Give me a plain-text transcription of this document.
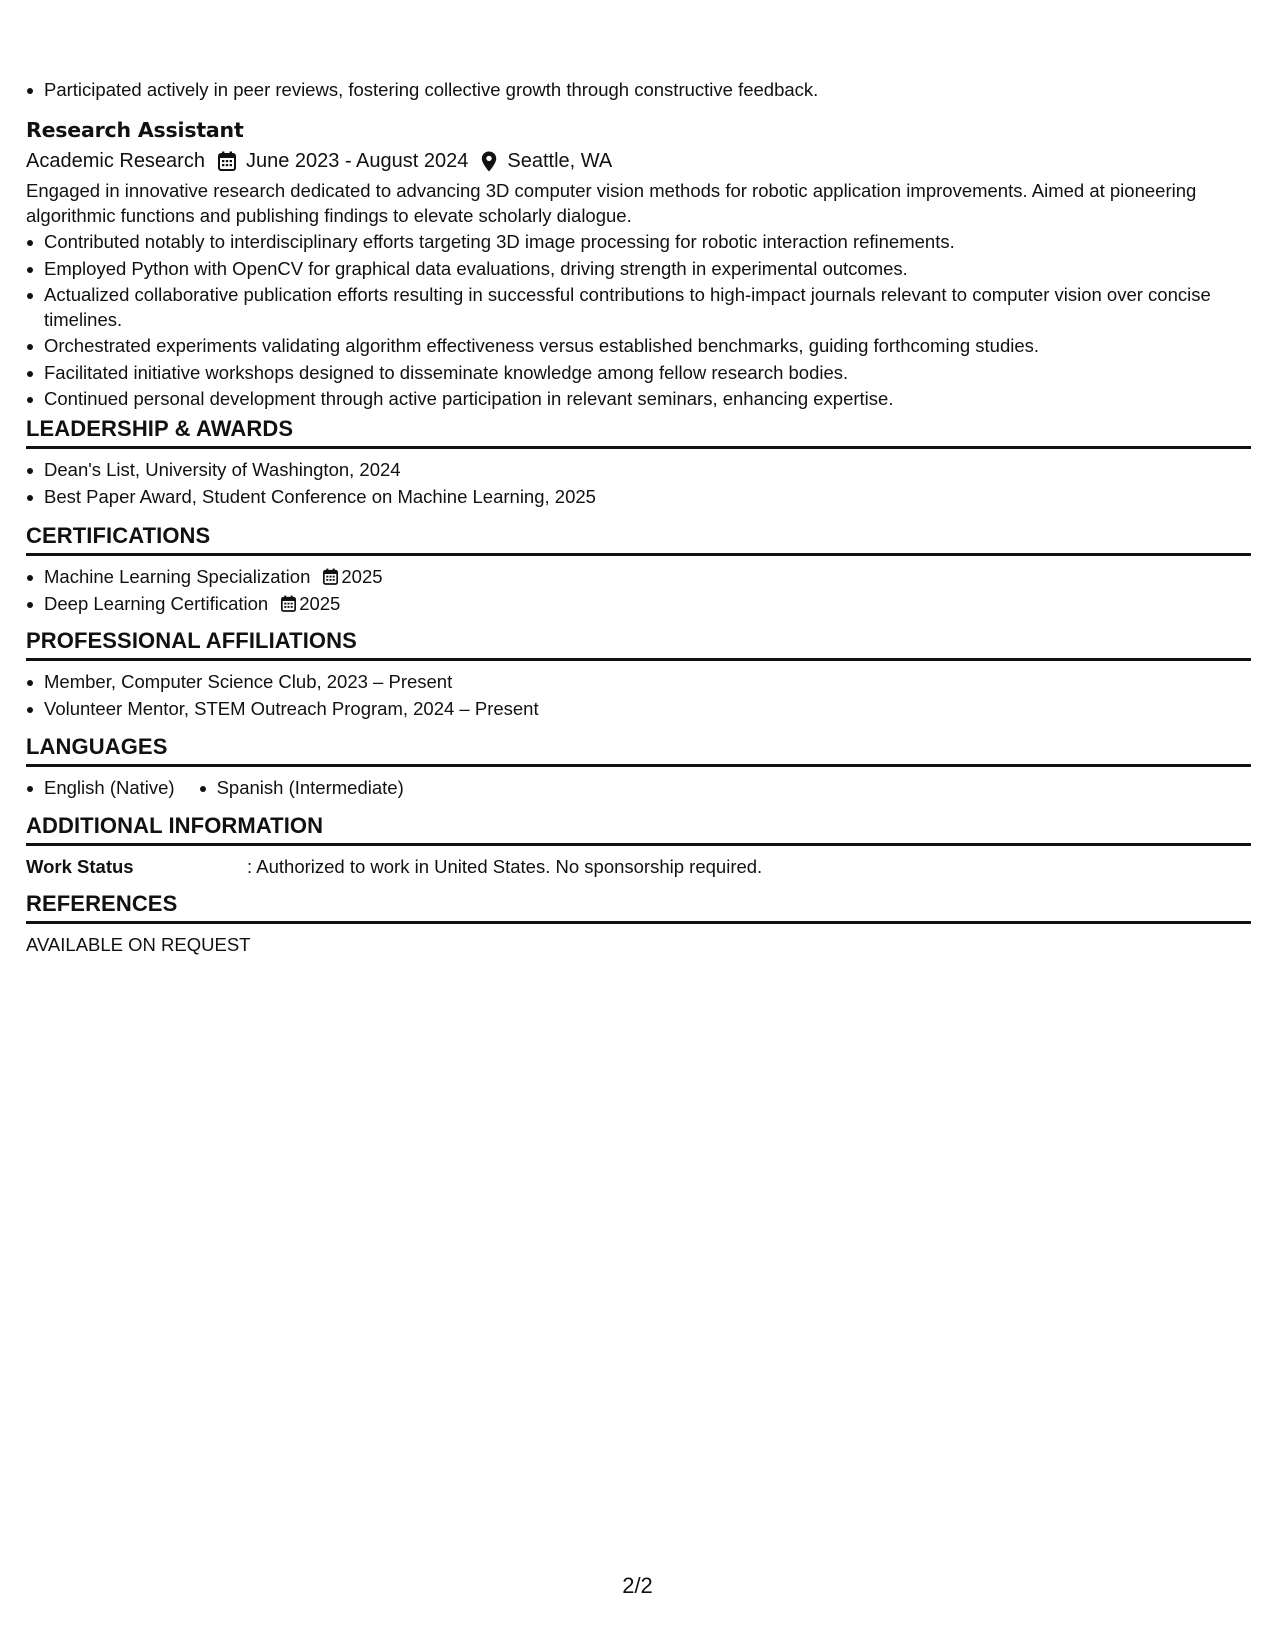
Participated actively in peer reviews, fostering collective growth through constructive feedback.
Research Assistant
Academic Research June 2023 - August 2024 Seattle, WA
Engaged in innovative research dedicated to advancing 3D computer vision methods for robotic application improvements. Aimed at pioneering algorithmic functions and publishing findings to elevate scholarly dialogue.
Contributed notably to interdisciplinary efforts targeting 3D image processing for robotic interaction refinements.
Employed Python with OpenCV for graphical data evaluations, driving strength in experimental outcomes.
Actualized collaborative publication efforts resulting in successful contributions to high-impact journals relevant to computer vision over concise timelines.
Orchestrated experiments validating algorithm effectiveness versus established benchmarks, guiding forthcoming studies.
Facilitated initiative workshops designed to disseminate knowledge among fellow research bodies.
Continued personal development through active participation in relevant seminars, enhancing expertise.
LEADERSHIP & AWARDS
Dean's List, University of Washington, 2024
Best Paper Award, Student Conference on Machine Learning, 2025
CERTIFICATIONS
Machine Learning Specialization 2025
Deep Learning Certification 2025
PROFESSIONAL AFFILIATIONS
Member, Computer Science Club, 2023 – Present
Volunteer Mentor, STEM Outreach Program, 2024 – Present
LANGUAGES
English (Native)	Spanish (Intermediate)
ADDITIONAL INFORMATION
Work Status	: Authorized to work in United States. No sponsorship required.
REFERENCES
AVAILABLE ON REQUEST
2/2
